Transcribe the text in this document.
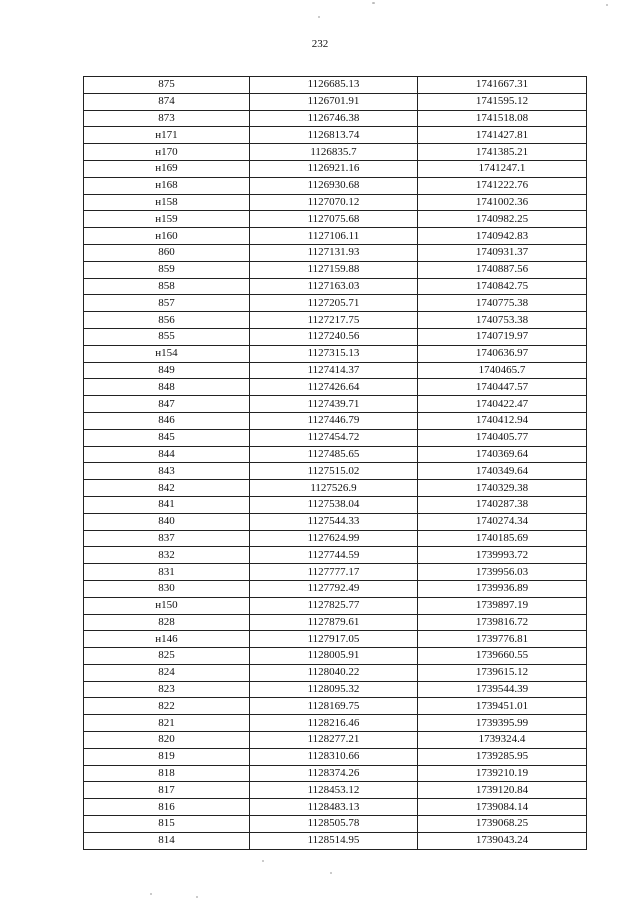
232
875	1126685.13	1741667.31
874	1126701.91	1741595.12
873	1126746.38	1741518.08
н171	1126813.74	1741427.81
н170	1126835.7	1741385.21
н169	1126921.16	1741247.1
н168	1126930.68	1741222.76
н158	1127070.12	1741002.36
н159	1127075.68	1740982.25
н160	1127106.11	1740942.83
860	1127131.93	1740931.37
859	1127159.88	1740887.56
858	1127163.03	1740842.75
857	1127205.71	1740775.38
856	1127217.75	1740753.38
855	1127240.56	1740719.97
н154	1127315.13	1740636.97
849	1127414.37	1740465.7
848	1127426.64	1740447.57
847	1127439.71	1740422.47
846	1127446.79	1740412.94
845	1127454.72	1740405.77
844	1127485.65	1740369.64
843	1127515.02	1740349.64
842	1127526.9	1740329.38
841	1127538.04	1740287.38
840	1127544.33	1740274.34
837	1127624.99	1740185.69
832	1127744.59	1739993.72
831	1127777.17	1739956.03
830	1127792.49	1739936.89
н150	1127825.77	1739897.19
828	1127879.61	1739816.72
н146	1127917.05	1739776.81
825	1128005.91	1739660.55
824	1128040.22	1739615.12
823	1128095.32	1739544.39
822	1128169.75	1739451.01
821	1128216.46	1739395.99
820	1128277.21	1739324.4
819	1128310.66	1739285.95
818	1128374.26	1739210.19
817	1128453.12	1739120.84
816	1128483.13	1739084.14
815	1128505.78	1739068.25
814	1128514.95	1739043.24
